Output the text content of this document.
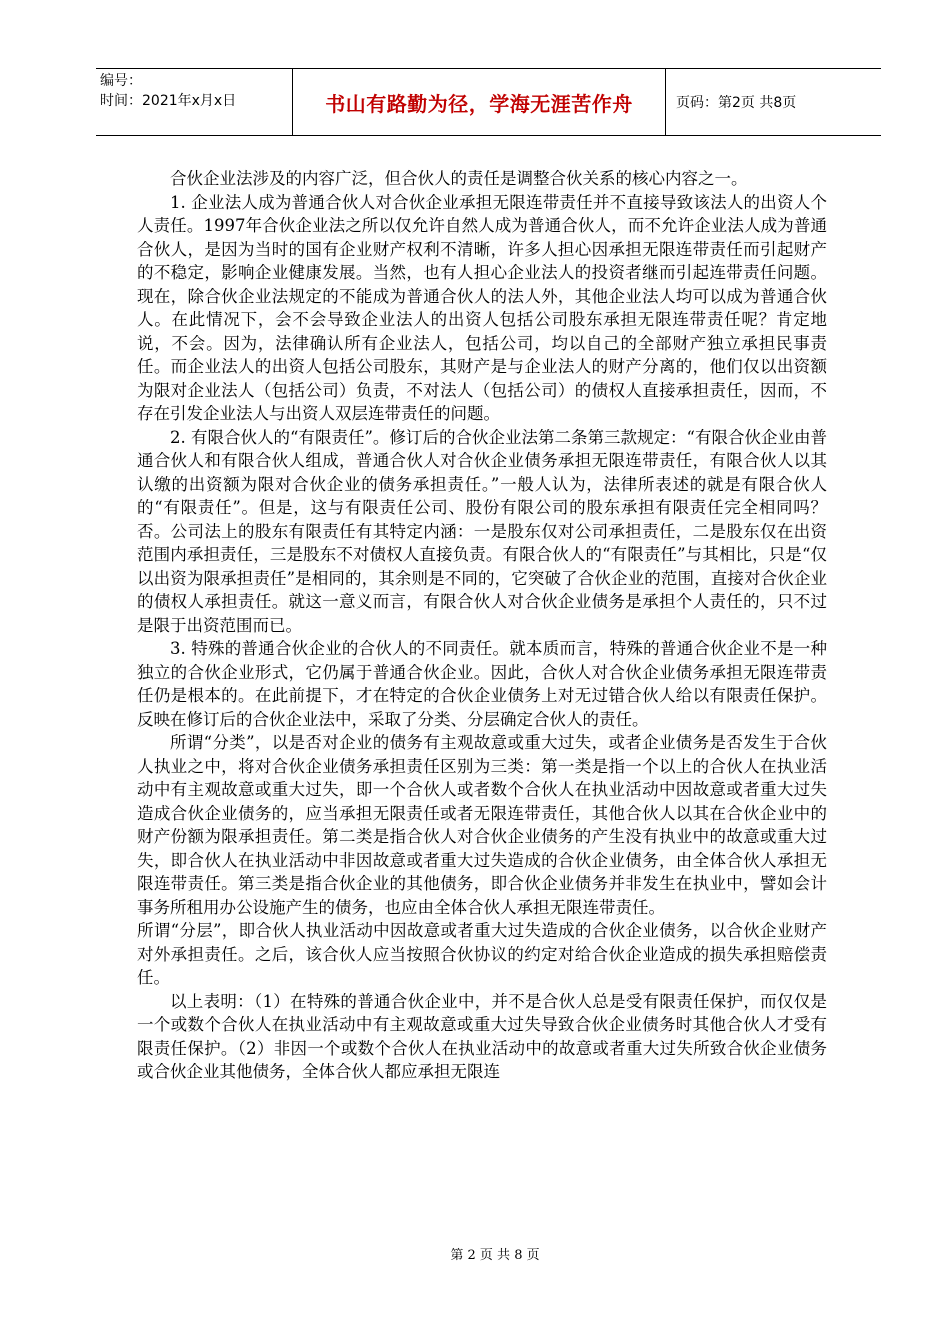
编号：
时间：2021年x月x日	书山有路勤为径，学海无涯苦作舟	页码：第2页 共8页

合伙企业法涉及的内容广泛，但合伙人的责任是调整合伙关系的核心内容之一。

1. 企业法人成为普通合伙人对合伙企业承担无限连带责任并不直接导致该法人的出资人个人责任。1997年合伙企业法之所以仅允许自然人成为普通合伙人，而不允许企业法人成为普通合伙人，是因为当时的国有企业财产权利不清晰，许多人担心因承担无限连带责任而引起财产的不稳定，影响企业健康发展。当然，也有人担心企业法人的投资者继而引起连带责任问题。现在，除合伙企业法规定的不能成为普通合伙人的法人外，其他企业法人均可以成为普通合伙人。在此情况下，会不会导致企业法人的出资人包括公司股东承担无限连带责任呢？肯定地说，不会。因为，法律确认所有企业法人，包括公司，均以自己的全部财产独立承担民事责任。而企业法人的出资人包括公司股东，其财产是与企业法人的财产分离的，他们仅以出资额为限对企业法人（包括公司）负责，不对法人（包括公司）的债权人直接承担责任，因而，不存在引发企业法人与出资人双层连带责任的问题。

2. 有限合伙人的“有限责任”。修订后的合伙企业法第二条第三款规定：“有限合伙企业由普通合伙人和有限合伙人组成，普通合伙人对合伙企业债务承担无限连带责任，有限合伙人以其认缴的出资额为限对合伙企业的债务承担责任。”一般人认为，法律所表述的就是有限合伙人的“有限责任”。但是，这与有限责任公司、股份有限公司的股东承担有限责任完全相同吗？否。公司法上的股东有限责任有其特定内涵：一是股东仅对公司承担责任，二是股东仅在出资范围内承担责任，三是股东不对债权人直接负责。有限合伙人的“有限责任”与其相比，只是“仅以出资为限承担责任”是相同的，其余则是不同的，它突破了合伙企业的范围，直接对合伙企业的债权人承担责任。就这一意义而言，有限合伙人对合伙企业债务是承担个人责任的，只不过是限于出资范围而已。

3. 特殊的普通合伙企业的合伙人的不同责任。就本质而言，特殊的普通合伙企业不是一种独立的合伙企业形式，它仍属于普通合伙企业。因此，合伙人对合伙企业债务承担无限连带责任仍是根本的。在此前提下，才在特定的合伙企业债务上对无过错合伙人给以有限责任保护。反映在修订后的合伙企业法中，采取了分类、分层确定合伙人的责任。

所谓“分类”，以是否对企业的债务有主观故意或重大过失，或者企业债务是否发生于合伙人执业之中，将对合伙企业债务承担责任区别为三类：第一类是指一个以上的合伙人在执业活动中有主观故意或重大过失，即一个合伙人或者数个合伙人在执业活动中因故意或者重大过失造成合伙企业债务的，应当承担无限责任或者无限连带责任，其他合伙人以其在合伙企业中的财产份额为限承担责任。第二类是指合伙人对合伙企业债务的产生没有执业中的故意或重大过失，即合伙人在执业活动中非因故意或者重大过失造成的合伙企业债务，由全体合伙人承担无限连带责任。第三类是指合伙企业的其他债务，即合伙企业债务并非发生在执业中，譬如会计事务所租用办公设施产生的债务，也应由全体合伙人承担无限连带责任。

所谓“分层”，即合伙人执业活动中因故意或者重大过失造成的合伙企业债务，以合伙企业财产对外承担责任。之后，该合伙人应当按照合伙协议的约定对给合伙企业造成的损失承担赔偿责任。

以上表明：（1）在特殊的普通合伙企业中，并不是合伙人总是受有限责任保护，而仅仅是一个或数个合伙人在执业活动中有主观故意或重大过失导致合伙企业债务时其他合伙人才受有限责任保护。（2）非因一个或数个合伙人在执业活动中的故意或者重大过失所致合伙企业债务或合伙企业其他债务，全体合伙人都应承担无限连

第 2 页 共 8 页
